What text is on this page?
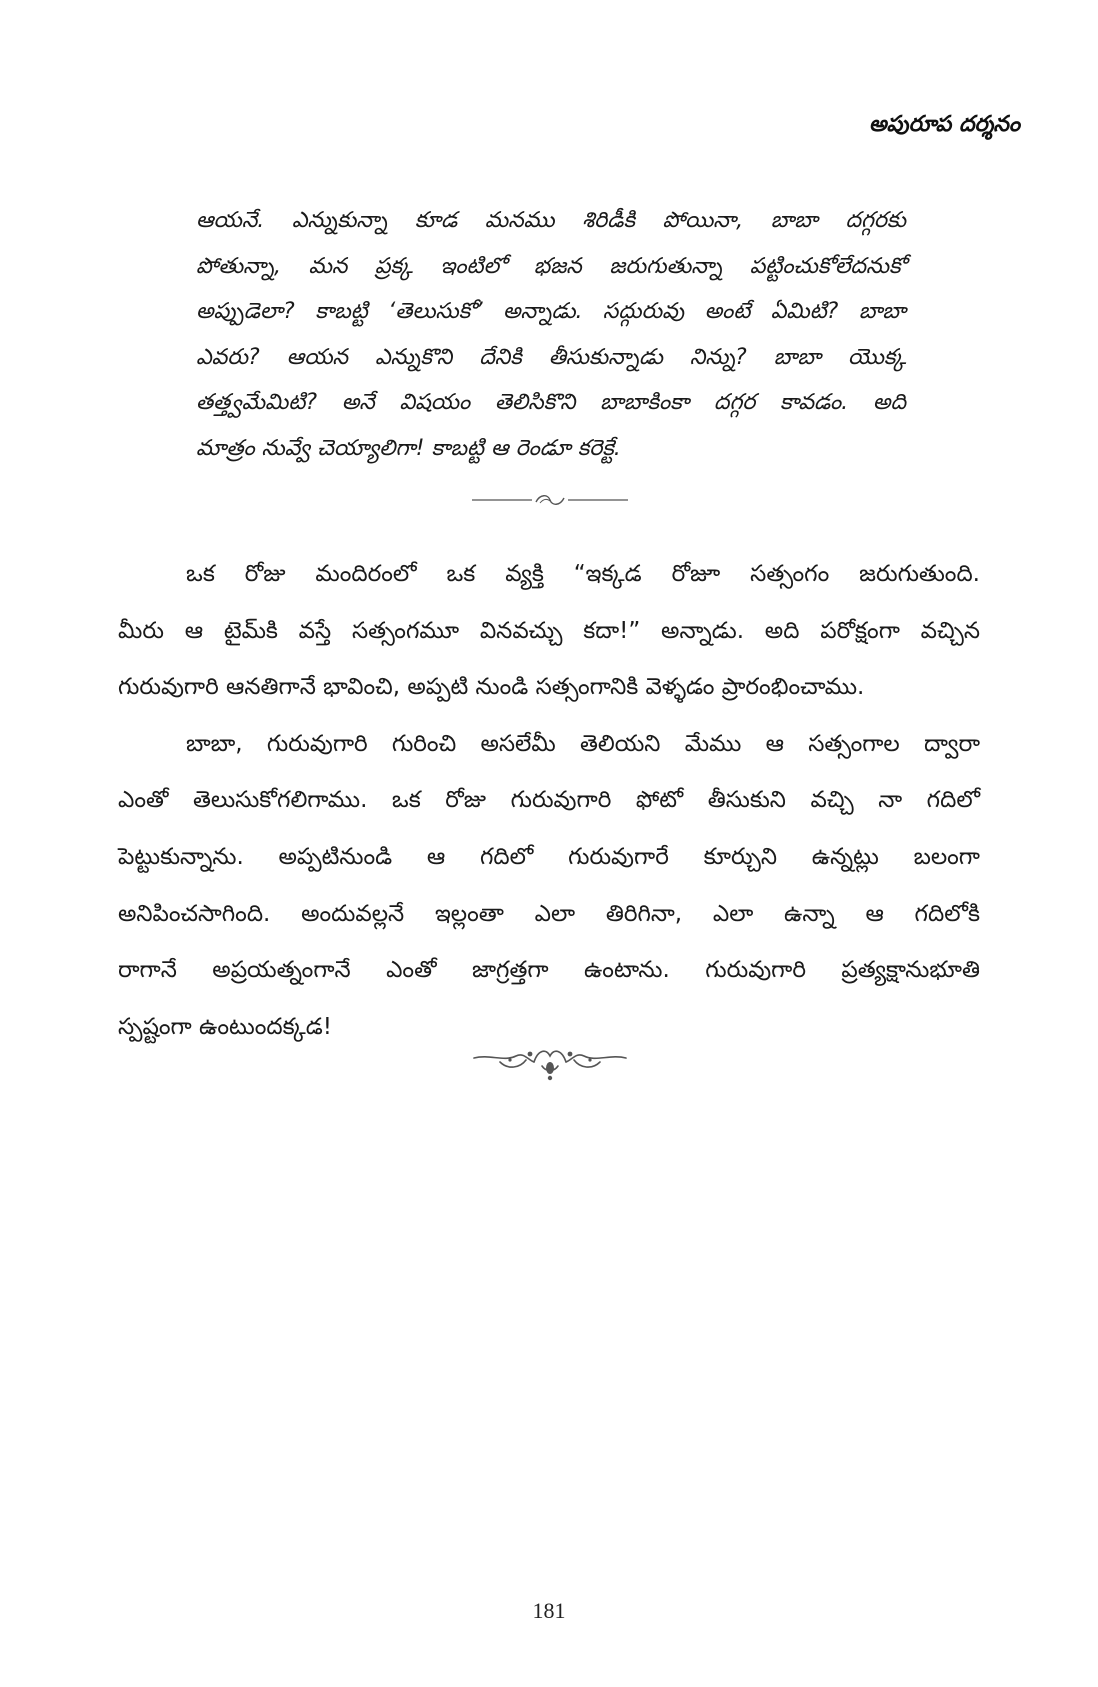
అపురూప దర్శనం
ఆయనే. ఎన్నుకున్నా కూడ మనము శిరిడీకి పోయినా, బాబా దగ్గరకు
పోతున్నా, మన ప్రక్క ఇంటిలో భజన జరుగుతున్నా పట్టించుకోలేదనుకో
అప్పుడెలా? కాబట్టి ‘తెలుసుకో’ అన్నాడు. సద్గురువు అంటే ఏమిటి? బాబా
ఎవరు? ఆయన ఎన్నుకొని దేనికి తీసుకున్నాడు నిన్ను? బాబా యొక్క
తత్త్వమేమిటి? అనే విషయం తెలిసికొని బాబాకింకా దగ్గర కావడం. అది
మాత్రం నువ్వే చెయ్యాలిగా! కాబట్టి ఆ రెండూ కరెక్టే.
ఒక రోజు మందిరంలో ఒక వ్యక్తి “ఇక్కడ రోజూ సత్సంగం జరుగుతుంది.
మీరు ఆ టైమ్‌కి వస్తే సత్సంగమూ వినవచ్చు కదా!” అన్నాడు. అది పరోక్షంగా వచ్చిన
గురువుగారి ఆనతిగానే భావించి, అప్పటి నుండి సత్సంగానికి వెళ్ళడం ప్రారంభించాము.
బాబా, గురువుగారి గురించి అసలేమీ తెలియని మేము ఆ సత్సంగాల ద్వారా
ఎంతో తెలుసుకోగలిగాము. ఒక రోజు గురువుగారి ఫోటో తీసుకుని వచ్చి నా గదిలో
పెట్టుకున్నాను. అప్పటినుండి ఆ గదిలో గురువుగారే కూర్చుని ఉన్నట్లు బలంగా
అనిపించసాగింది. అందువల్లనే ఇల్లంతా ఎలా తిరిగినా, ఎలా ఉన్నా ఆ గదిలోకి
రాగానే అప్రయత్నంగానే ఎంతో జాగ్రత్తగా ఉంటాను. గురువుగారి ప్రత్యక్షానుభూతి
స్పష్టంగా ఉంటుందక్కడ!
181
